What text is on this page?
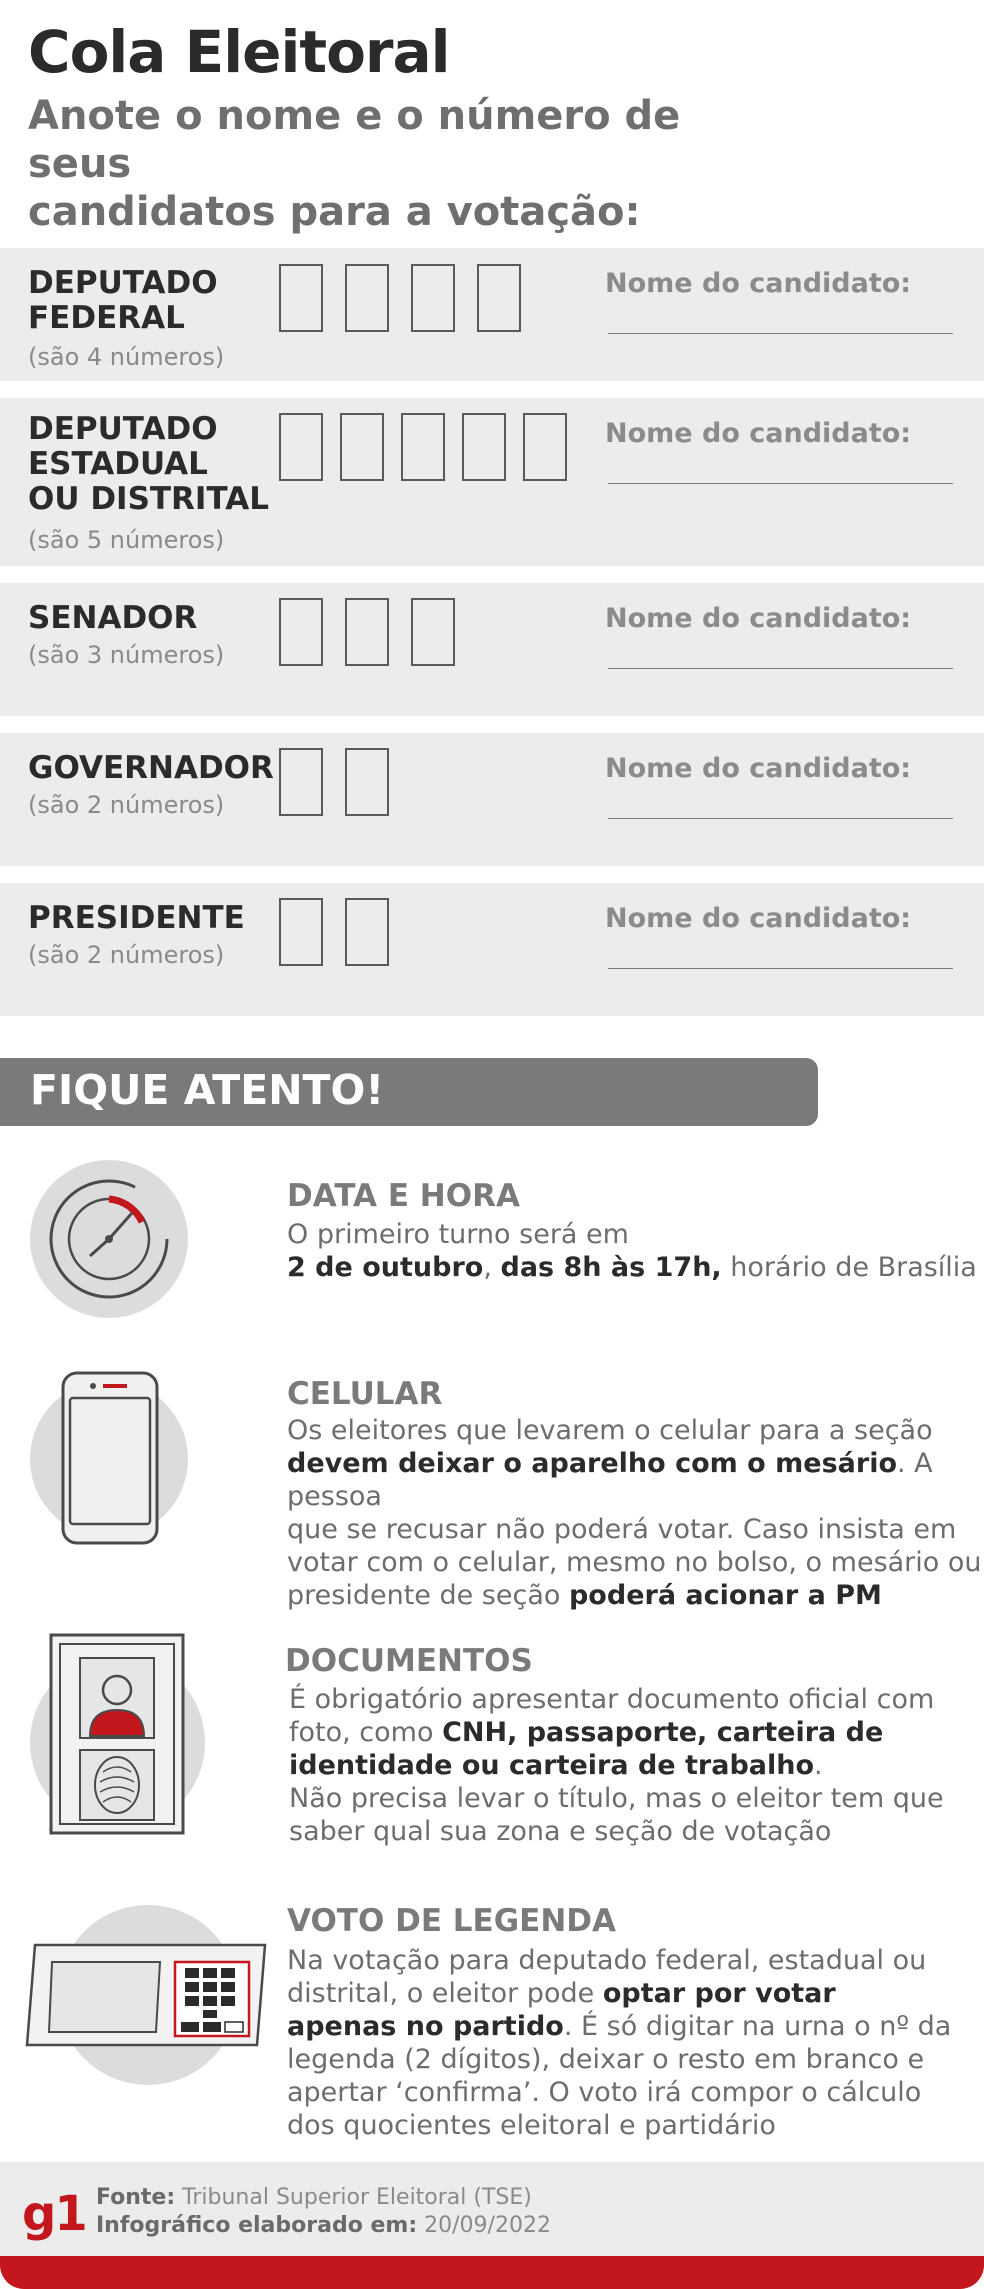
Cola Eleitoral
Anote o nome e o número de seus
candidatos para a votação:
DEPUTADO
FEDERAL
(são 4 números)
Nome do candidato:
DEPUTADO
ESTADUAL
OU DISTRITAL
(são 5 números)
Nome do candidato:
SENADOR
(são 3 números)
Nome do candidato:
GOVERNADOR
(são 2 números)
Nome do candidato:
PRESIDENTE
(são 2 números)
Nome do candidato:
FIQUE ATENTO!
DATA E HORA
O primeiro turno será em
2 de outubro, das 8h às 17h, horário de Brasília
CELULAR
Os eleitores que levarem o celular para a seção
devem deixar o aparelho com o mesário. A pessoa
que se recusar não poderá votar. Caso insista em
votar com o celular, mesmo no bolso, o mesário ou
presidente de seção poderá acionar a PM
DOCUMENTOS
É obrigatório apresentar documento oficial com
foto, como CNH, passaporte, carteira de
identidade ou carteira de trabalho.
Não precisa levar o título, mas o eleitor tem que
saber qual sua zona e seção de votação
VOTO DE LEGENDA
Na votação para deputado federal, estadual ou
distrital, o eleitor pode optar por votar
apenas no partido. É só digitar na urna o nº da
legenda (2 dígitos), deixar o resto em branco e
apertar ‘confirma’. O voto irá compor o cálculo
dos quocientes eleitoral e partidário
g1 Fonte: Tribunal Superior Eleitoral (TSE)
Infográfico elaborado em: 20/09/2022
